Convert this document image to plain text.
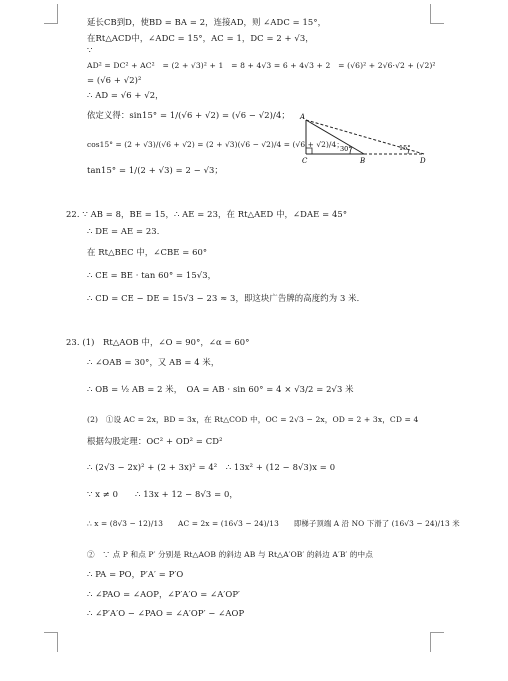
延长CB到D，使BD = BA = 2，连接AD，则 ∠ADC = 15°，
在Rt△ACD中，∠ADC = 15°，AC = 1，DC = 2 + √3，
∵
AD² = DC² + AC²　= (2 + √3)² + 1　= 8 + 4√3 = 6 + 4√3 + 2　= (√6)² + 2√6·√2 + (√2)²
= (√6 + √2)²
∴ AD = √6 + √2，
依定义得：sin15° = 1/(√6 + √2) = (√6 − √2)/4；
cos15° = (2 + √3)/(√6 + √2) = (2 + √3)(√6 − √2)/4 = (√6 + √2)/4；
tan15° = 1/(2 + √3) = 2 − √3；
22. ∵ AB = 8，BE = 15，∴ AE = 23，在 Rt△AED 中，∠DAE = 45°
∴ DE = AE = 23．
在 Rt△BEC 中，∠CBE = 60°
∴ CE = BE · tan 60° = 15√3，
∴ CD = CE − DE = 15√3 − 23 ≈ 3，即这块广告牌的高度约为 3 米．
23. (1)　Rt△AOB 中，∠O = 90°，∠α = 60°
∴ ∠OAB = 30°，又 AB = 4 米，
∴ OB = ½ AB = 2 米，　OA = AB · sin 60° = 4 × √3/2 = 2√3 米
(2)　①设 AC = 2x，BD = 3x，在 Rt△COD 中，OC = 2√3 − 2x，OD = 2 + 3x，CD = 4
根据勾股定理：OC² + OD² = CD²
∴ (2√3 − 2x)² + (2 + 3x)² = 4²　∴ 13x² + (12 − 8√3)x = 0
∵ x ≠ 0　　∴ 13x + 12 − 8√3 = 0，
∴ x = (8√3 − 12)/13　　AC = 2x = (16√3 − 24)/13　　即梯子顶端 A 沿 NO 下滑了 (16√3 − 24)/13 米
②　∵ 点 P 和点 P′ 分别是 Rt△AOB 的斜边 AB 与 Rt△A′OB′ 的斜边 A′B′ 的中点
∴ PA = PO，P′A′ = P′O
∴ ∠PAO = ∠AOP，∠P′A′O = ∠A′OP′
∴ ∠P′A′O − ∠PAO = ∠A′OP′ − ∠AOP
A
C	B	D
30°	15°
